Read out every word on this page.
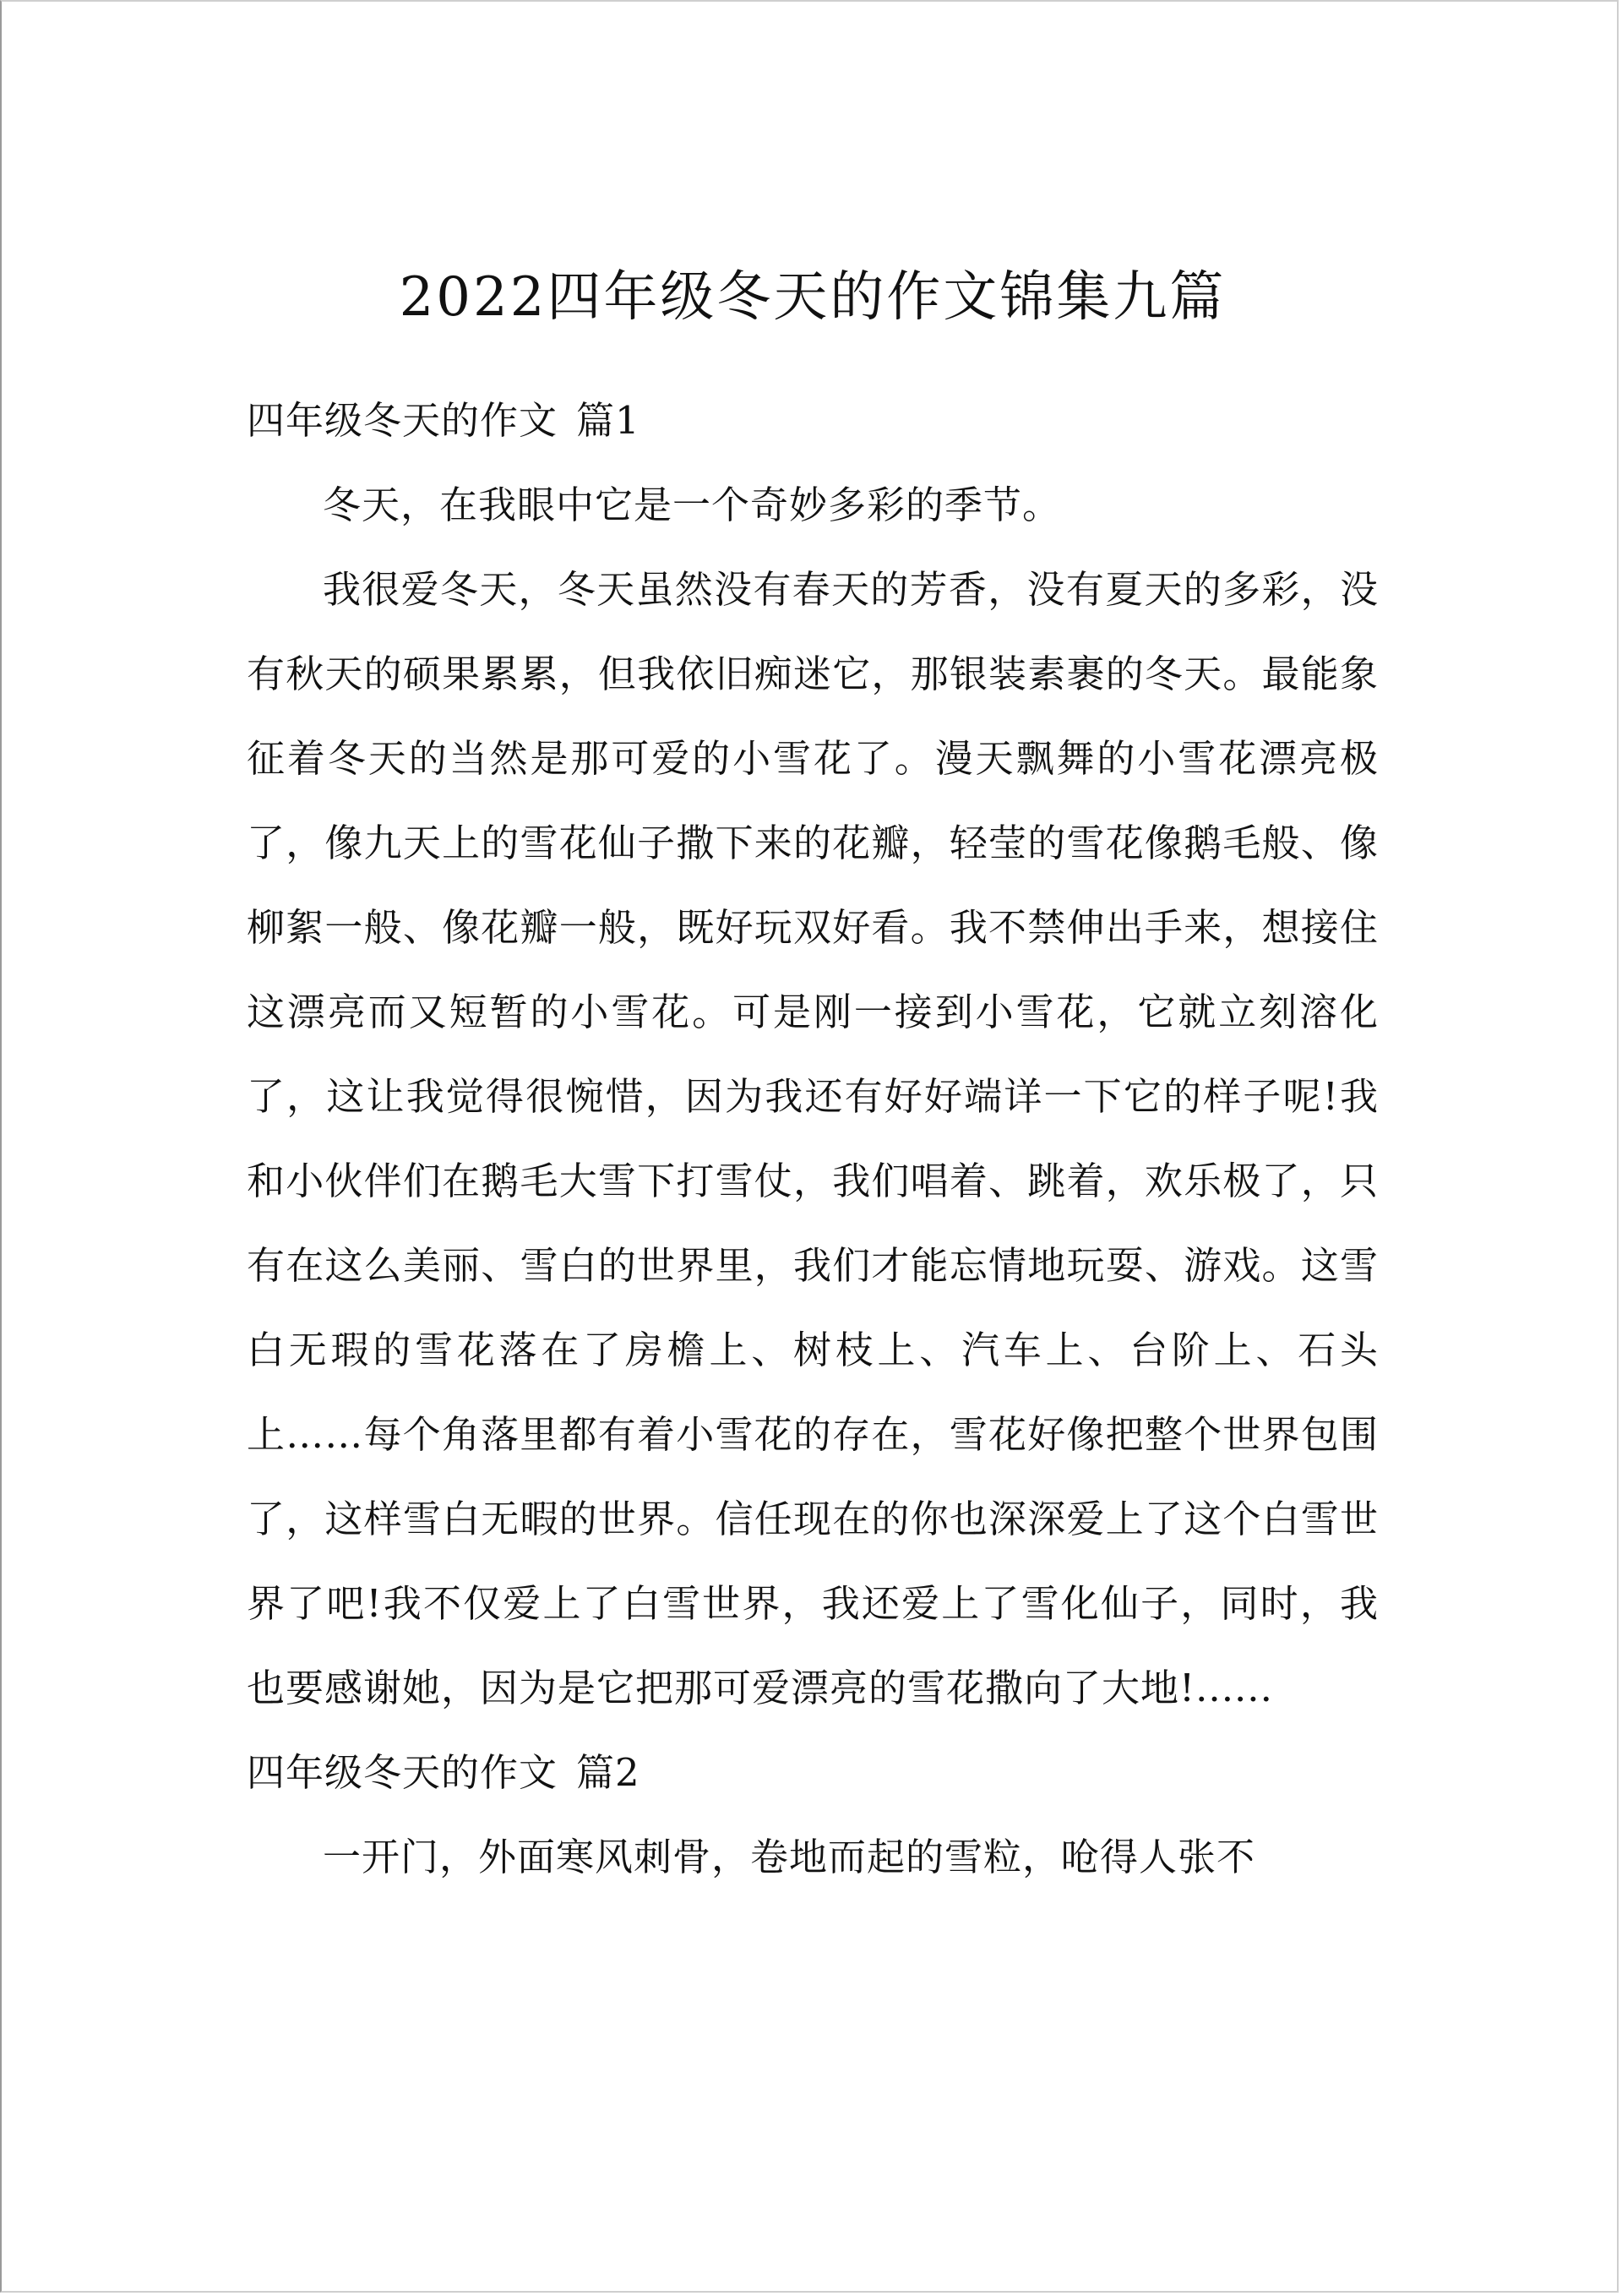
2022四年级冬天的作文锦集九篇

四年级冬天的作文 篇1

冬天，在我眼中它是一个奇妙多彩的季节。

我很爱冬天，冬天虽然没有春天的芳香，没有夏天的多彩，没有秋天的硕果累累，但我依旧痴迷它，那银装素裹的冬天。最能象征着冬天的当然是那可爱的小雪花了。漫天飘舞的小雪花漂亮极了，像九天上的雪花仙子撒下来的花瓣，轻莹的雪花像鹅毛般、像柳絮一般、像花瓣一般，既好玩双好看。我不禁伸出手来，想接住这漂亮而又短暂的小雪花。可是刚一接到小雪花，它就立刻溶化了，这让我觉得很惋惜，因为我还有好好端详一下它的样子呢!我和小伙伴们在鹅毛大雪下打雪仗，我们唱着、跳着，欢乐极了，只有在这么美丽、雪白的世界里，我们才能忘情地玩耍、游戏。这雪白无瑕的雪花落在了房檐上、树枝上、汽车上、台阶上、石头上……每个角落里都有着小雪花的存在，雪花好像把整个世界包围了，这样雪白无暇的世界。信任现在的你也深深爱上了这个白雪世界了吧!我不仅爱上了白雪世界，我还爱上了雪化仙子，同时，我也要感谢她，因为是它把那可爱漂亮的雪花撒向了大地!......

四年级冬天的作文 篇2

一开门，外面寒风刺骨，卷地而起的雪粒，呛得人张不
